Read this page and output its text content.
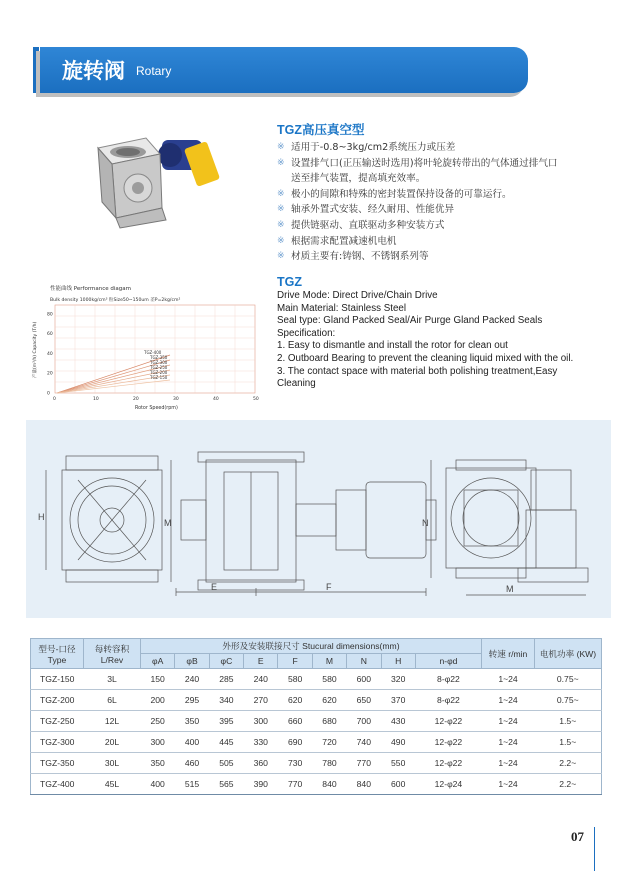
旋转阀 Rotary
TGZ高压真空型
※ 适用于-0.8~3kg/cm2系统压力或压差
※ 设置排气口(正压输送时选用)将叶轮旋转带出的气体通过排气口
送至排气装置，提高填充效率。
※ 极小的间隙和特殊的密封装置保持设备的可靠运行。
※ 轴承外置式安装、经久耐用、性能优异
※ 提供链驱动、直联驱动多种安装方式
※ 根据需求配置减速机电机
※ 材质主要有:铸钢、不锈钢系列等
性能曲线 Performance diagam
Bulk density 1000kg/cm³ 粒Size50~150um 差P=2kg/cm²
产量(m³/h) Capacity (T/h)	TGZ-400
TGZ-350
TGZ-300
TGZ-250
TGZ-200
TGZ-150
0	10	20	30	40	50
0
20
40
60
80
Rotor Speed(rpm)
TGZ
Drive Mode: Direct Drive/Chain Drive
Main Material: Stainless Steel
Seal type: Gland Packed Seal/Air Purge Gland Packed Seals
Specification:
1. Easy to dismantle and install the rotor for clean out
2. Outboard Bearing to prevent the cleaning liquid mixed with the oil.
3. The contact space with material both polishing treatment,Easy Cleaning
H
E	F
M	N
M
型号-口径 Type	每转容积 L/Rev	外形及安装联接尺寸 Stucural dimensions(mm)									转速 r/min	电机功率 (KW)
		φA	φB	φC	E	F	M	N	H	n-φd		
TGZ-150	3L	150	240	285	240	580	580	600	320	8-φ22	1~24	0.75~
TGZ-200	6L	200	295	340	270	620	620	650	370	8-φ22	1~24	0.75~
TGZ-250	12L	250	350	395	300	660	680	700	430	12-φ22	1~24	1.5~
TGZ-300	20L	300	400	445	330	690	720	740	490	12-φ22	1~24	1.5~
TGZ-350	30L	350	460	505	360	730	780	770	550	12-φ22	1~24	2.2~
TGZ-400	45L	400	515	565	390	770	840	840	600	12-φ24	1~24	2.2~
07
